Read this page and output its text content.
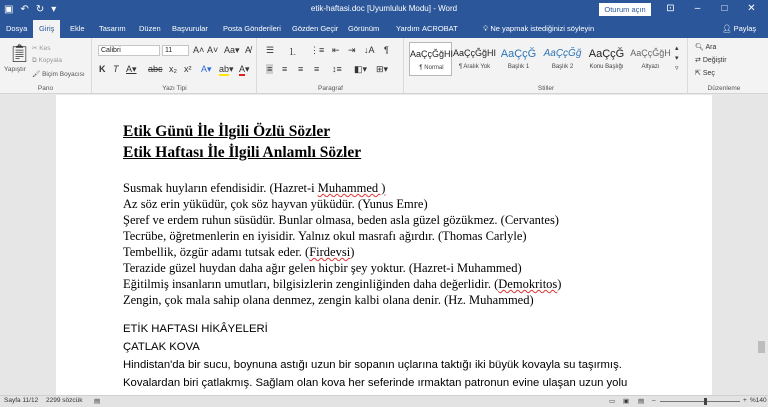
▣ ↶ ↻ ▾	etik-haftasi.doc [Uyumluluk Modu] - Word	Oturum açın	⊡	–	□	✕
Dosya	Giriş	Ekle Tasarım Düzen Başvurular Posta Gönderileri Gözden Geçir Görünüm Yardım ACROBAT	💡︎ Ne yapmak istediğinizi söyleyin	👤︎ Paylaş
📋︎
Yapıştır
✂ Kes
⧉ Kopyala
🖌︎ Biçim Boyacısı
Pano
Calibri	11	A˄ A˅ Aa▾ A̸
K T A▾ abc x₂ x² A▾ ab▾ A▾
Yazı Tipi
☰ ⒈ ⋮≡ ⇤ ⇥ ↓A ¶
≡ ≡ ≡ ≡ ↕≡ ◧▾ ⊞▾
Paragraf
AaÇçĞğHI
¶ Normal
AaÇçĞğHI
¶ Aralık Yok
AaÇçĞ
Başlık 1
AaÇçĞğ
Başlık 2
AaÇçĞ
Konu Başlığı
AaÇçĞğH
Altyazı
▴
▾
▿
Stiller
🔍︎ Ara
⇄ Değiştir
⇱ Seç
Düzenleme
Etik Günü İle İlgili Özlü Sözler
Etik Haftası İle İlgili Anlamlı Sözler
Susmak huyların efendisidir. (Hazret-i Muhammed )
Az söz erin yüküdür, çok söz hayvan yüküdür. (Yunus Emre)
Şeref ve erdem ruhun süsüdür. Bunlar olmasa, beden asla güzel gözükmez. (Cervantes)
Tecrübe, öğretmenlerin en iyisidir. Yalnız okul masrafı ağırdır. (Thomas Carlyle)
Tembellik, özgür adamı tutsak eder. (Firdevsi)
Terazide güzel huydan daha ağır gelen hiçbir şey yoktur. (Hazret-i Muhammed)
Eğitilmiş insanların umutları, bilgisizlerin zenginliğinden daha değerlidir. (Demokritos)
Zengin, çok mala sahip olana denmez, zengin kalbi olana denir. (Hz. Muhammed)
ETİK HAFTASI HİKÂYELERİ
ÇATLAK KOVA
Hindistan'da bir sucu, boynuna astığı uzun bir sopanın uçlarına taktığı iki büyük kovayla su taşırmış.
Kovalardan biri çatlakmış. Sağlam olan kova her seferinde ırmaktan patronun evine ulaşan uzun yolu
Sayfa 11/12 2299 sözcük ▤	▭ ▣ ▤ –	+ %140
